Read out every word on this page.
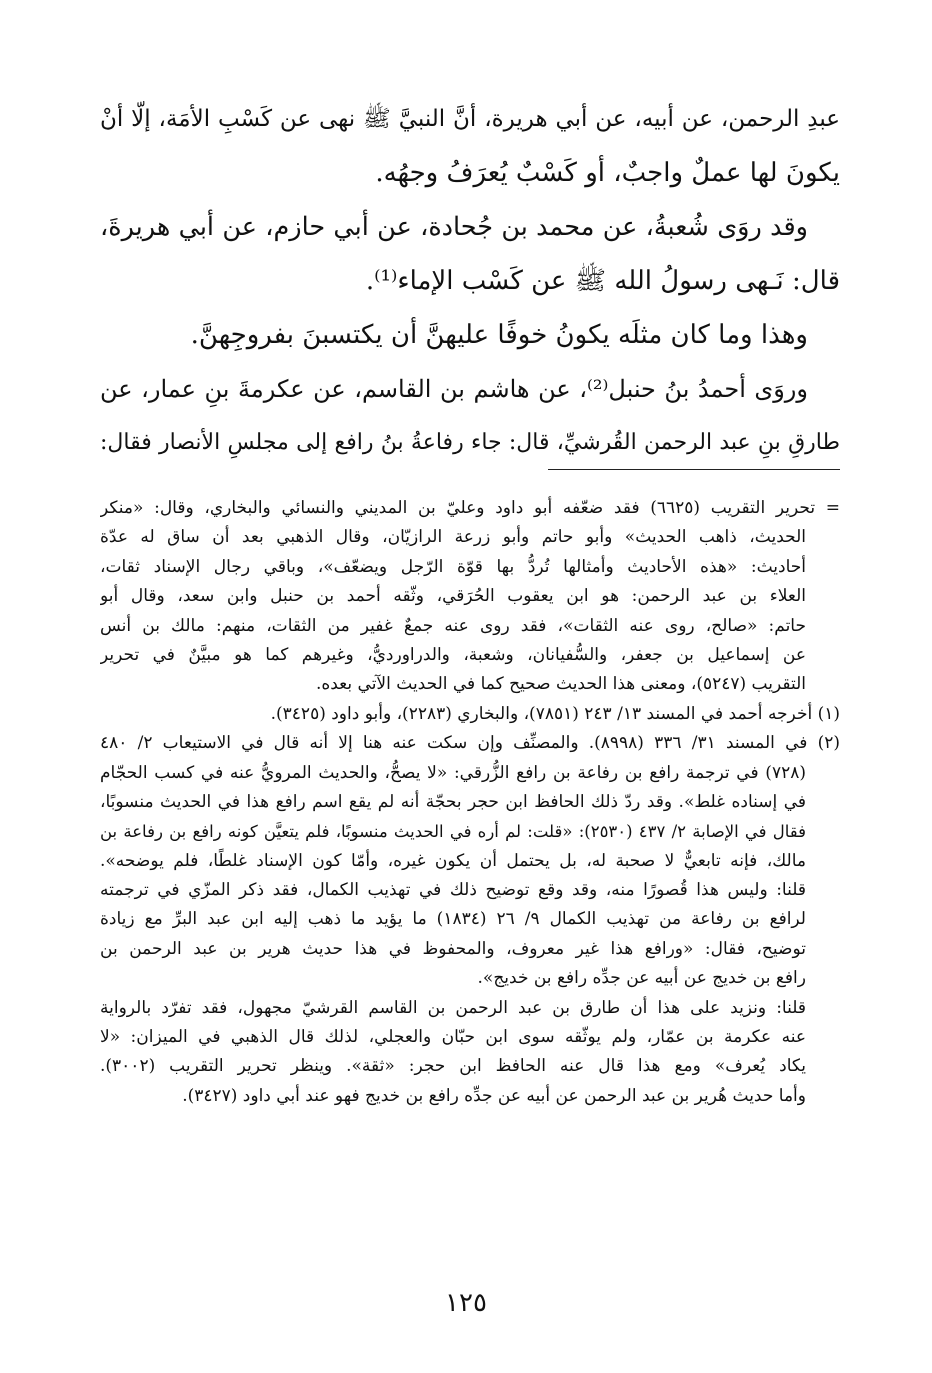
عبدِ الرحمن، عن أبيه، عن أبي هريرة، أنَّ النبيَّ ﷺ نهى عن كَسْبِ الأمَة، إلّا أنْ
يكونَ لها عملٌ واجبٌ، أو كَسْبٌ يُعرَفُ وجهُه.
وقد روَى شُعبةُ، عن محمد بن جُحادة، عن أبي حازم، عن أبي هريرةَ،
قال: نَـهى رسولُ الله ﷺ عن كَسْب الإماء⁽¹⁾.
وهذا وما كان مثلَه يكونُ خوفًا عليهنَّ أن يكتسبنَ بفروجِهنَّ.
وروَى أحمدُ بنُ حنبل⁽²⁾، عن هاشم بن القاسم، عن عكرمةَ بنِ عمار، عن
طارقِ بنِ عبد الرحمن القُرشيِّ، قال: جاء رفاعةُ بنُ رافع إلى مجلسِ الأنصار فقال:
= تحرير التقريب (٦٦٢٥) فقد ضعّفه أبو داود وعليّ بن المديني والنسائي والبخاري، وقال: «منكر
الحديث، ذاهب الحديث» وأبو حاتم وأبو زرعة الرازيّان، وقال الذهبي بعد أن ساق له عدّة
أحاديث: «هذه الأحاديث وأمثالها تُردُّ بها قوّة الرّجل ويضعّف»، وباقي رجال الإسناد ثقات،
العلاء بن عبد الرحمن: هو ابن يعقوب الحُرَقي، وثّقه أحمد بن حنبل وابن سعد، وقال أبو
حاتم: «صالح، روى عنه الثقات»، فقد روى عنه جمعٌ غفير من الثقات، منهم: مالك بن أنس
عن إسماعيل بن جعفر، والسُّفيانان، وشعبة، والدراورديُّ، وغيرهم كما هو مبيَّنٌ في تحرير
التقريب (٥٢٤٧)، ومعنى هذا الحديث صحيح كما في الحديث الآتي بعده.
(١) أخرجه أحمد في المسند ١٣/ ٢٤٣ (٧٨٥١)، والبخاري (٢٢٨٣)، وأبو داود (٣٤٢٥).
(٢) في المسند ٣١/ ٣٣٦ (٨٩٩٨). والمصنِّف وإن سكت عنه هنا إلا أنه قال في الاستيعاب ٢/ ٤٨٠
(٧٢٨) في ترجمة رافع بن رفاعة بن رافع الزُّرقي: «لا يصحُّ، والحديث المرويُّ عنه في كسب الحجّام
في إسناده غلط». وقد ردّ ذلك الحافظ ابن حجر بحجّة أنه لم يقع اسم رافع هذا في الحديث منسوبًا،
فقال في الإصابة ٢/ ٤٣٧ (٢٥٣٠): «قلت: لم أره في الحديث منسوبًا، فلم يتعيَّن كونه رافع بن رفاعة بن
مالك، فإنه تابعيٌّ لا صحبة له، بل يحتمل أن يكون غيره، وأمّا كون الإسناد غلطًا، فلم يوضحه».
قلنا: وليس هذا قُصورًا منه، وقد وقع توضيح ذلك في تهذيب الكمال، فقد ذكر المزّي في ترجمته
لرافع بن رفاعة من تهذيب الكمال ٩/ ٢٦ (١٨٣٤) ما يؤيد ما ذهب إليه ابن عبد البرِّ مع زيادة
توضيح، فقال: «ورافع هذا غير معروف، والمحفوظ في هذا حديث هرير بن عبد الرحمن بن
رافع بن خديج عن أبيه عن جدِّه رافع بن خديج».
قلنا: ونزيد على هذا أن طارق بن عبد الرحمن بن القاسم القرشيّ مجهول، فقد تفرّد بالرواية
عنه عكرمة بن عمّار، ولم يوثّقه سوى ابن حبّان والعجلي، لذلك قال الذهبي في الميزان: «لا
يكاد يُعرف» ومع هذا قال عنه الحافظ ابن حجر: «ثقة». وينظر تحرير التقريب (٣٠٠٢).
وأما حديث هُرير بن عبد الرحمن عن أبيه عن جدِّه رافع بن خديج فهو عند أبي داود (٣٤٢٧).
١٢٥
